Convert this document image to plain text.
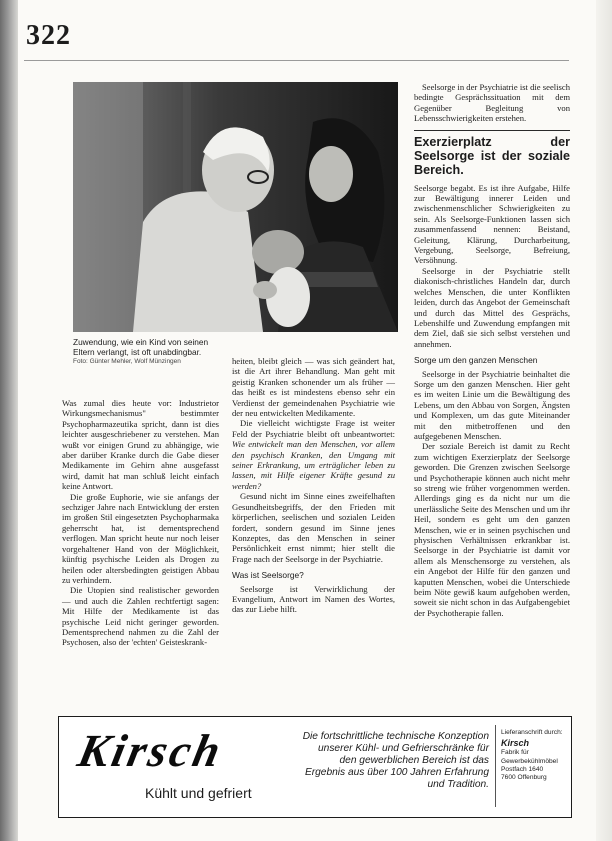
322
Zuwendung, wie ein Kind von seinen Eltern verlangt, ist oft unabdingbar.
Foto: Günter Mehler, Wolf Münzingen

Was zumal dies heute vor: Industrietor Wirkungsmechanismus" bestimmter Psychopharmazeutika spricht, dann ist dies leichter ausgeschriebener zu verstehen. Man wußt vor einigen Grund zu abhängige, wie aber darüber Kranke durch die Gabe dieser Medikamente im Gehirn ahne ausgefasst wird, damit hat man schluß leicht einfach keine Antwort.

Die große Euphorie, wie sie anfangs der sechziger Jahre nach Entwicklung der ersten im großen Stil eingesetzten Psychopharmaka geherrscht hat, ist dementsprechend verflogen. Man spricht heute nur noch leiser vorgehaltener Hand von der Möglichkeit, künftig psychische Leiden als Drogen zu heilen oder altersbedingten geistigen Abbau zu verhindern.

Die Utopien sind realistischer geworden — und auch die Zahlen rechtfertigt sagen: Mit Hilfe der Medikamente ist das psychische Leid nicht geringer geworden. Dementsprechend nahmen zu die Zahl der Psychosen, also der 'echten' Geisteskrank-

heiten, bleibt gleich — was sich geändert hat, ist die Art ihrer Behandlung. Man geht mit geistig Kranken schonender um als früher — das heißt es ist mindestens ebenso sehr ein Verdienst der gemeindenahen Psychiatrie wie der neu entwickelten Medikamente.

Die vielleicht wichtigste Frage ist weiter Feld der Psychiatrie bleibt oft unbeantwortet: Wie entwickelt man den Menschen, vor allem den psychisch Kranken, den Umgang mit seiner Erkrankung, um erträglicher leben zu lassen, mit Hilfe eigener Kräfte gesund zu werden?

Gesund nicht im Sinne eines zweifelhaften Gesundheitsbegriffs, der den Frieden mit körperlichen, seelischen und sozialen Leiden fordert, sondern gesund im Sinne jenes Konzeptes, das den Menschen in seiner Persönlichkeit ernst nimmt; hier stellt die Frage nach der Seelsorge in der Psychiatrie.

Was ist Seelsorge?

Seelsorge ist Verwirklichung der Evangelium, Antwort im Namen des Wortes, das zur Liebe hilft.

Seelsorge in der Psychiatrie ist die seelisch bedingte Gesprächssituation mit dem Gegenüber Begleitung von Lebensschwierigkeiten erstehen.

Exerzierplatz der Seelsorge ist der soziale Bereich.

Seelsorge begabt. Es ist ihre Aufgabe, Hilfe zur Bewältigung innerer Leiden und zwischenmenschlicher Schwierigkeiten zu sein. Als Seelsorge-Funktionen lassen sich zusammenfassend nennen: Beistand, Geleitung, Klärung, Durcharbeitung, Vergebung, Seelsorge, Befreiung, Versöhnung.

Seelsorge in der Psychiatrie stellt diakonisch-christliches Handeln dar, durch welches Menschen, die unter Konflikten leiden, durch das Angebot der Gemeinschaft und durch das Mittel des Gesprächs, Lebenshilfe und Zuwendung empfangen mit dem Ziel, daß sie sich selbst verstehen und annehmen.

Sorge um den ganzen Menschen

Seelsorge in der Psychiatrie beinhaltet die Sorge um den ganzen Menschen. Hier geht es im weiten Linie um die Bewältigung des Lebens, um den Abbau von Sorgen, Ängsten und Komplexen, um das gute Miteinander mit den mitbetroffenen und den aufgegebenen Menschen.

Der soziale Bereich ist damit zu Recht zum wichtigen Exerzierplatz der Seelsorge geworden. Die Grenzen zwischen Seelsorge und Psychotherapie können auch nicht mehr so streng wie früher vorgenommen werden. Allerdings ging es da nicht nur um die unerlässliche Seite des Menschen und um ihr Heil, sondern es geht um den ganzen Menschen, wie er in seinen psychischen und physischen Verhältnissen erkrankbar ist. Seelsorge in der Psychiatrie ist damit vor allem als Menschensorge zu verstehen, als ein Angebot der Hilfe für den ganzen und kaputten Menschen, wobei die Unterschiede beim Nöte gewiß kaum aufgehoben werden, soweit sie nicht schon in das Aufgabengebiet der Psychotherapie fallen.

Kirsch
Kühlt und gefriert
Die fortschrittliche technische Konzeption unserer Kühl- und Gefrierschränke für den gewerblichen Bereich ist das Ergebnis aus über 100 Jahren Erfahrung und Tradition.
Lieferanschrift durch:
Kirsch
Fabrik für
Gewerbekühlmöbel
Postfach 1640
7600 Offenburg
